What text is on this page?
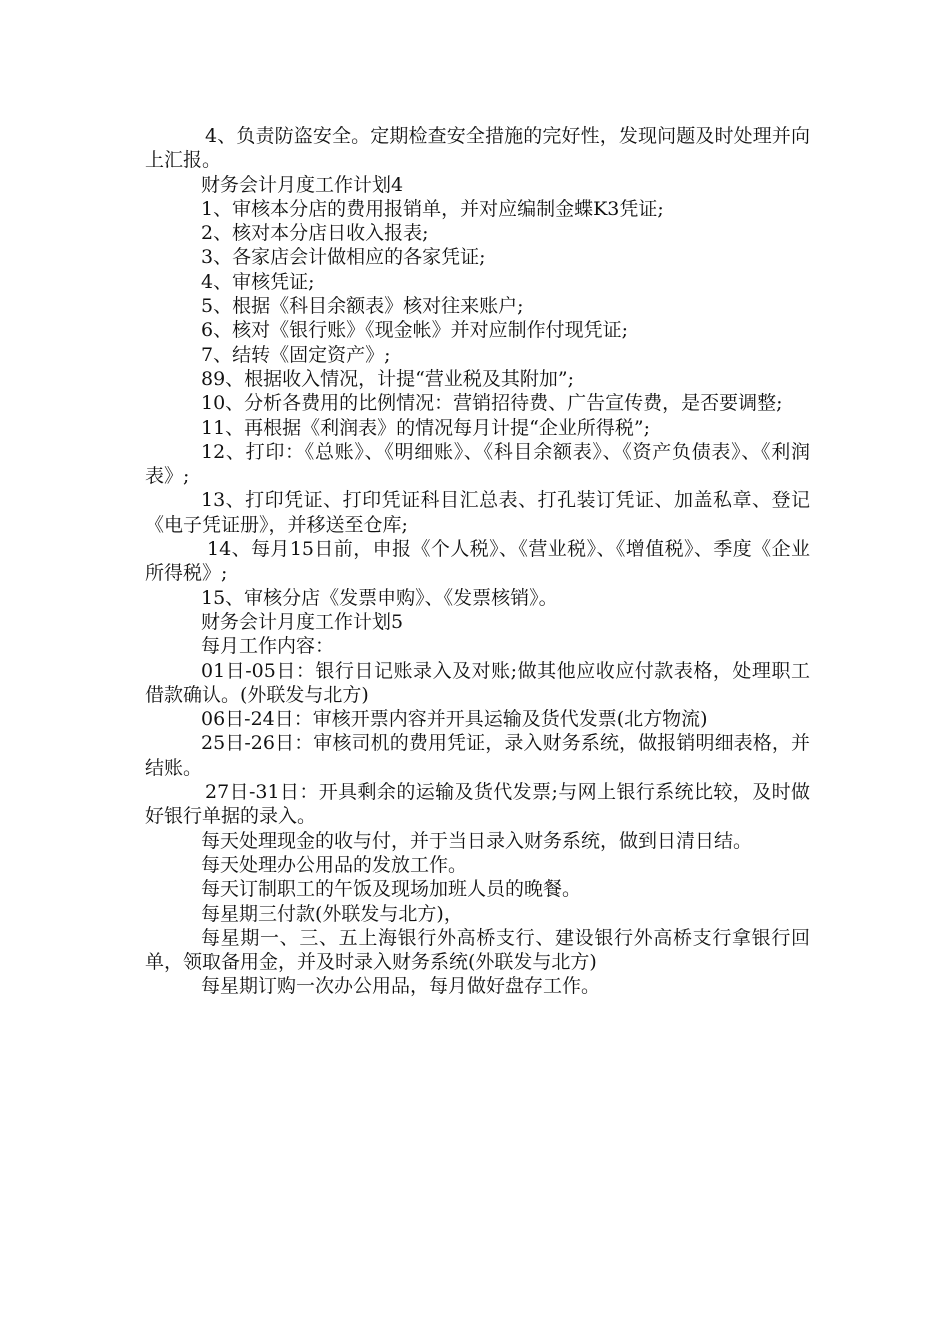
4、负责防盗安全。定期检查安全措施的完好性，发现问题及时处理并向上汇报。

财务会计月度工作计划4

1、审核本分店的费用报销单，并对应编制金蝶K3凭证;

2、核对本分店日收入报表;

3、各家店会计做相应的各家凭证;

4、审核凭证;

5、根据《科目余额表》核对往来账户;

6、核对《银行账》《现金帐》并对应制作付现凭证;

7、结转《固定资产》;

89、根据收入情况，计提“营业税及其附加”;

10、分析各费用的比例情况：营销招待费、广告宣传费，是否要调整;

11、再根据《利润表》的情况每月计提“企业所得税”;

12、打印：《总账》、《明细账》、《科目余额表》、《资产负债表》、《利润表》;

13、打印凭证、打印凭证科目汇总表、打孔装订凭证、加盖私章、登记《电子凭证册》，并移送至仓库;

14、每月15日前，申报《个人税》、《营业税》、《增值税》、季度《企业所得税》;

15、审核分店《发票申购》、《发票核销》。

财务会计月度工作计划5

每月工作内容：

01日-05日：银行日记账录入及对账;做其他应收应付款表格，处理职工借款确认。(外联发与北方)

06日-24日：审核开票内容并开具运输及货代发票(北方物流)

25日-26日：审核司机的费用凭证，录入财务系统，做报销明细表格，并结账。

27日-31日：开具剩余的运输及货代发票;与网上银行系统比较，及时做好银行单据的录入。

每天处理现金的收与付，并于当日录入财务系统，做到日清日结。

每天处理办公用品的发放工作。

每天订制职工的午饭及现场加班人员的晚餐。

每星期三付款(外联发与北方)，

每星期一、三、五上海银行外高桥支行、建设银行外高桥支行拿银行回单，领取备用金，并及时录入财务系统(外联发与北方)

每星期订购一次办公用品，每月做好盘存工作。
